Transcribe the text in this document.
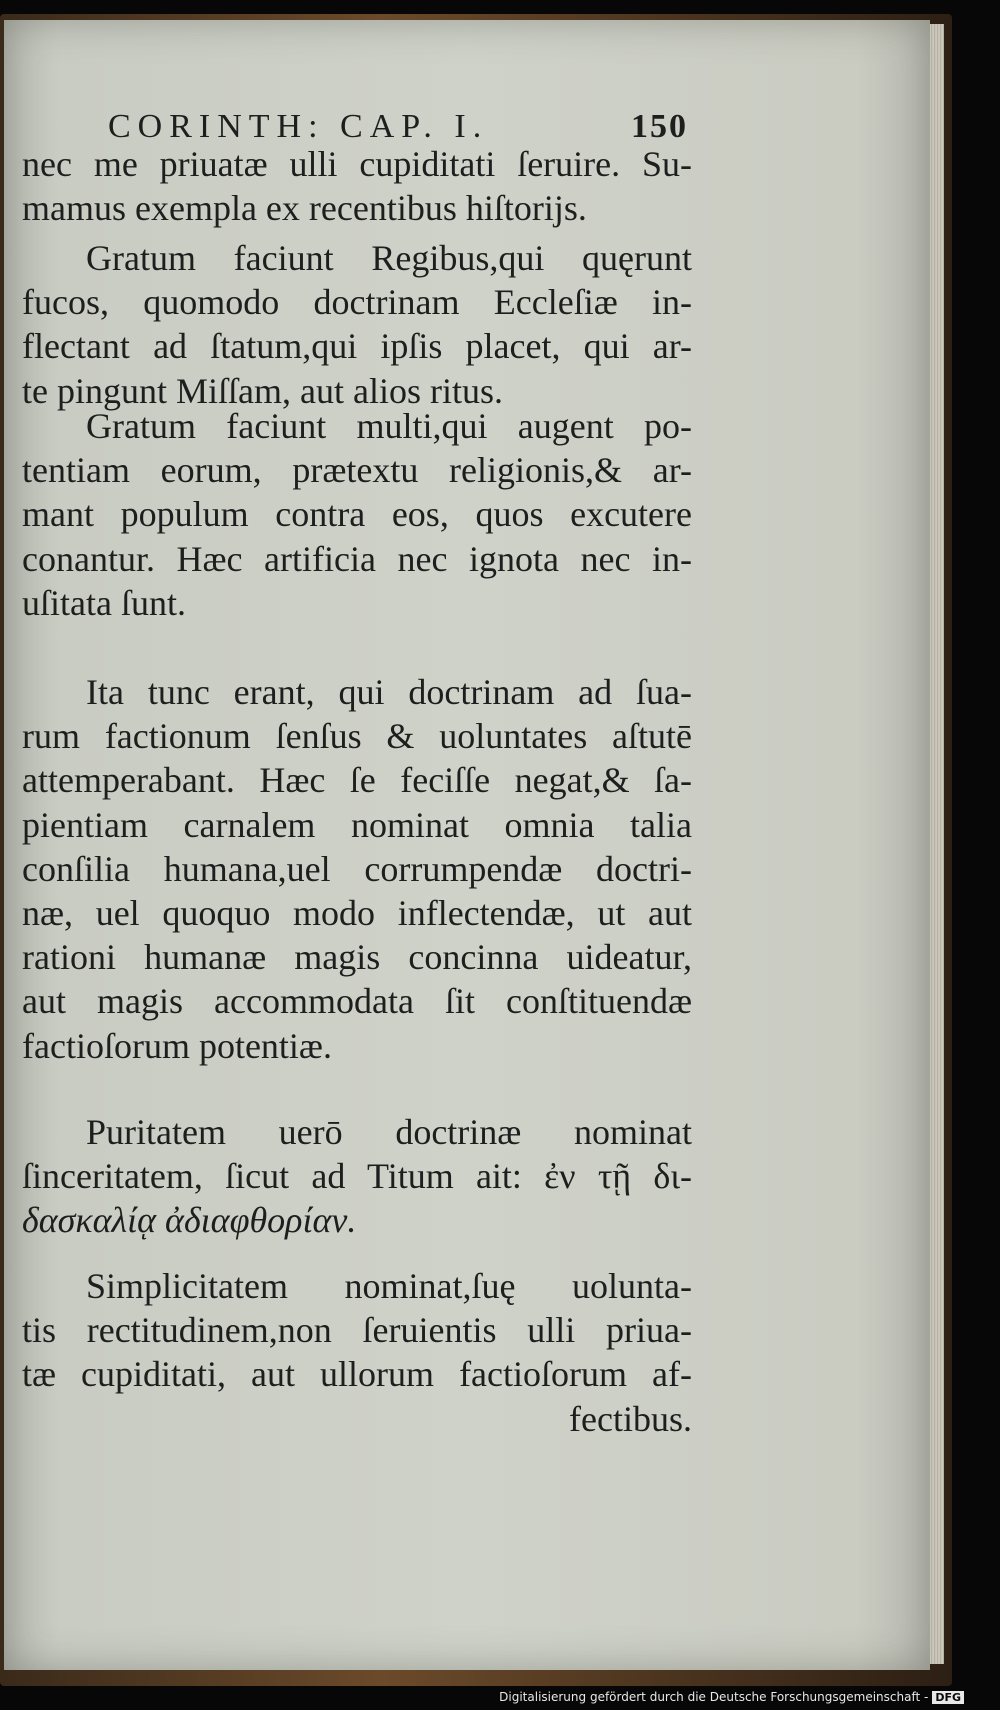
CORINTH: CAP. I.	150
nec me priuatæ ulli cupiditati ſeruire. Su-
mamus exempla ex recentibus hiſtorijs.
Gratum faciunt Regibus,qui quęrunt
fucos, quomodo doctrinam Eccleſiæ in-
flectant ad ſtatum,qui ipſis placet, qui ar-
te pingunt Miſſam, aut alios ritus.
Gratum faciunt multi,qui augent po-
tentiam eorum, prætextu religionis,& ar-
mant populum contra eos, quos excutere
conantur. Hæc artificia nec ignota nec in-
uſitata ſunt.
Ita tunc erant, qui doctrinam ad ſua-
rum factionum ſenſus & uoluntates aſtutē
attemperabant. Hæc ſe feciſſe negat,& ſa-
pientiam carnalem nominat omnia talia
conſilia humana,uel corrumpendæ doctri-
næ, uel quoquo modo inflectendæ, ut aut
rationi humanæ magis concinna uideatur,
aut magis accommodata ſit conſtituendæ
factioſorum potentiæ.
Puritatem uerō doctrinæ nominat
ſinceritatem, ſicut ad Titum ait: ἐν τῇ δι-
δασκαλίᾳ ἀδιαφθορίαν.
Simplicitatem nominat,ſuę uolunta-
tis rectitudinem,non ſeruientis ulli priua-
tæ cupiditati, aut ullorum factioſorum af-
fectibus.
Digitalisierung gefördert durch die Deutsche Forschungsgemeinschaft - DFG
